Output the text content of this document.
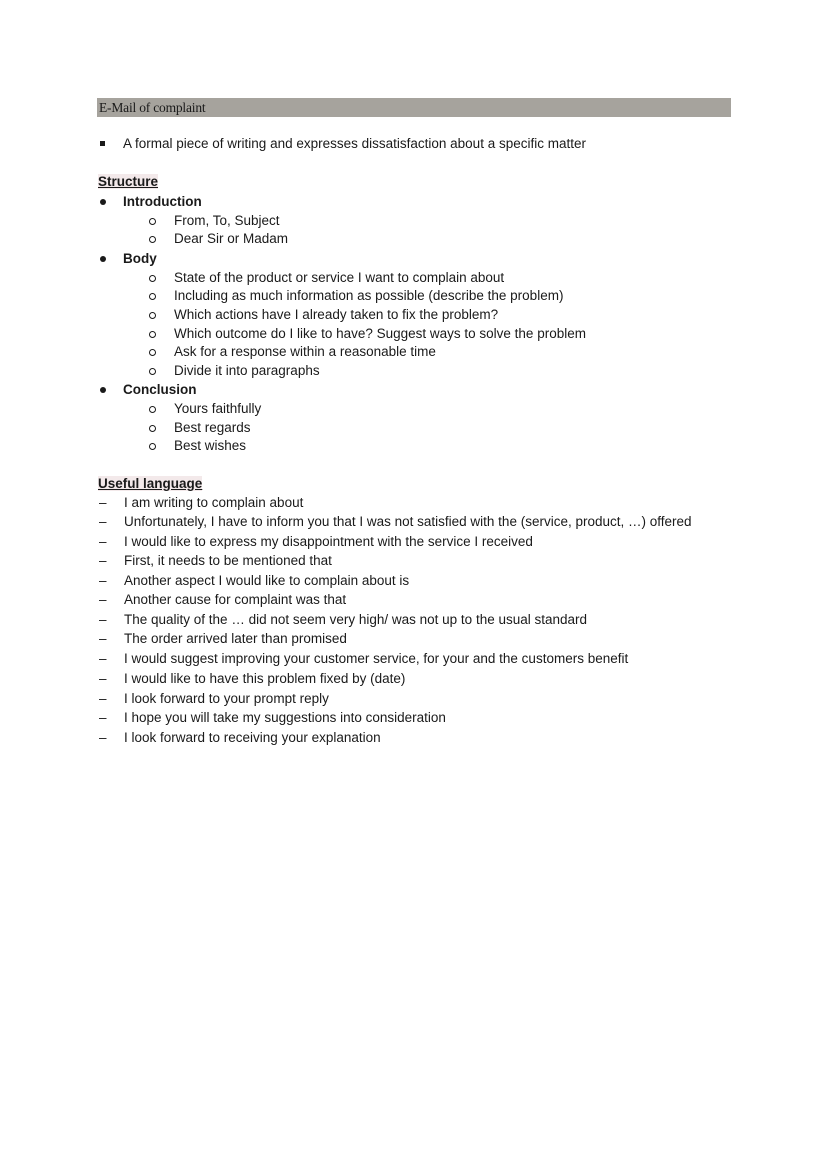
E-Mail of complaint
A formal piece of writing and expresses dissatisfaction about a specific matter
Structure
Introduction
From, To, Subject
Dear Sir or Madam
Body
State of the product or service I want to complain about
Including as much information as possible (describe the problem)
Which actions have I already taken to fix the problem?
Which outcome do I like to have? Suggest ways to solve the problem
Ask for a response within a reasonable time
Divide it into paragraphs
Conclusion
Yours faithfully
Best regards
Best wishes
Useful language
– I am writing to complain about
– Unfortunately, I have to inform you that I was not satisfied with the (service, product, …) offered
– I would like to express my disappointment with the service I received
– First, it needs to be mentioned that
– Another aspect I would like to complain about is
– Another cause for complaint was that
– The quality of the … did not seem very high/ was not up to the usual standard
– The order arrived later than promised
– I would suggest improving your customer service, for your and the customers benefit
– I would like to have this problem fixed by (date)
– I look forward to your prompt reply
– I hope you will take my suggestions into consideration
– I look forward to receiving your explanation
